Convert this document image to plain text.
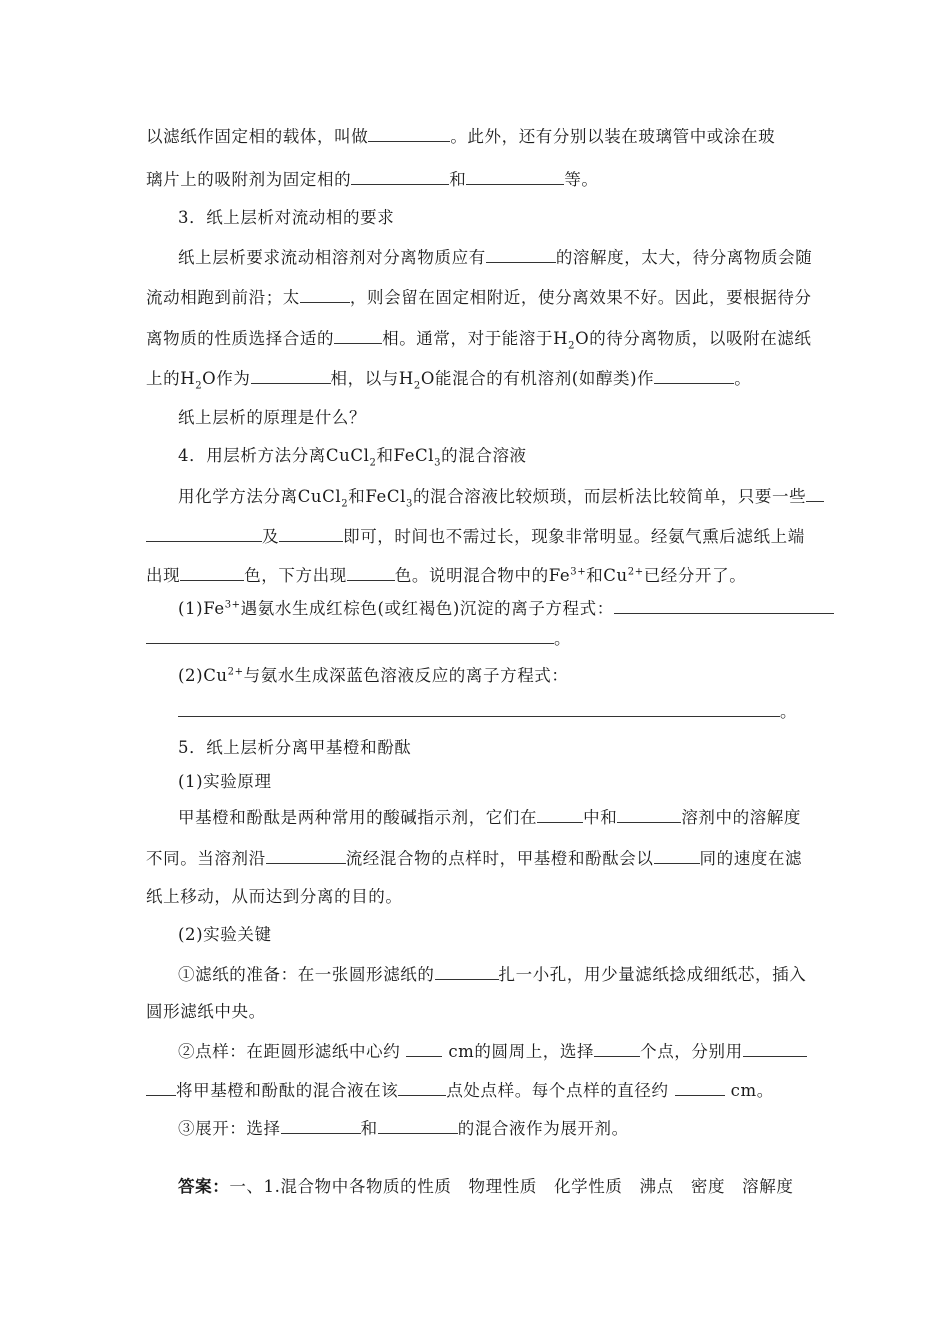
以滤纸作固定相的载体，叫做	。此外，还有分别以装在玻璃管中或涂在玻
璃片上的吸附剂为固定相的	和	等。
3．纸上层析对流动相的要求
纸上层析要求流动相溶剂对分离物质应有	的溶解度，太大，待分离物质会随
流动相跑到前沿；太	，则会留在固定相附近，使分离效果不好。因此，要根据待分
离物质的性质选择合适的	相。通常，对于能溶于$H_2O$的待分离物质，以吸附在滤纸
上的$H_2O$作为	相，以与$H_2O$能混合的有机溶剂(如醇类)作	。
纸上层析的原理是什么？
4．用层析方法分离CuCl$_2$和FeCl$_3$的混合溶液
用化学方法分离CuCl$_2$和FeCl$_3$的混合溶液比较烦琐，而层析法比较简单，只要一些
及	即可，时间也不需过长，现象非常明显。经氨气熏后滤纸上端
出现	色，下方出现	色。说明混合物中的$Fe^{3+}$和$Cu^{2+}$已经分开了。
$(1)Fe^{3+}$遇氨水生成红棕色(或红褐色)沉淀的离子方程式：
。
$(2)Cu^{2+}$与氨水生成深蓝色溶液反应的离子方程式：
。
5．纸上层析分离甲基橙和酚酞
(1)实验原理
甲基橙和酚酞是两种常用的酸碱指示剂，它们在	中和	溶剂中的溶解度
不同。当溶剂沿	流经混合物的点样时，甲基橙和酚酞会以	同的速度在滤
纸上移动，从而达到分离的目的。
(2)实验关键
①滤纸的准备：在一张圆形滤纸的	扎一小孔，用少量滤纸捻成细纸芯，插入
圆形滤纸中央。
②点样：在距圆形滤纸中心约	cm的圆周上，选择	个点，分别用
将甲基橙和酚酞的混合液在该	点处点样。每个点样的直径约	cm。
③展开：选择	和	的混合液作为展开剂。
答案：一、1.混合物中各物质的性质　物理性质　化学性质　沸点　密度　溶解度
